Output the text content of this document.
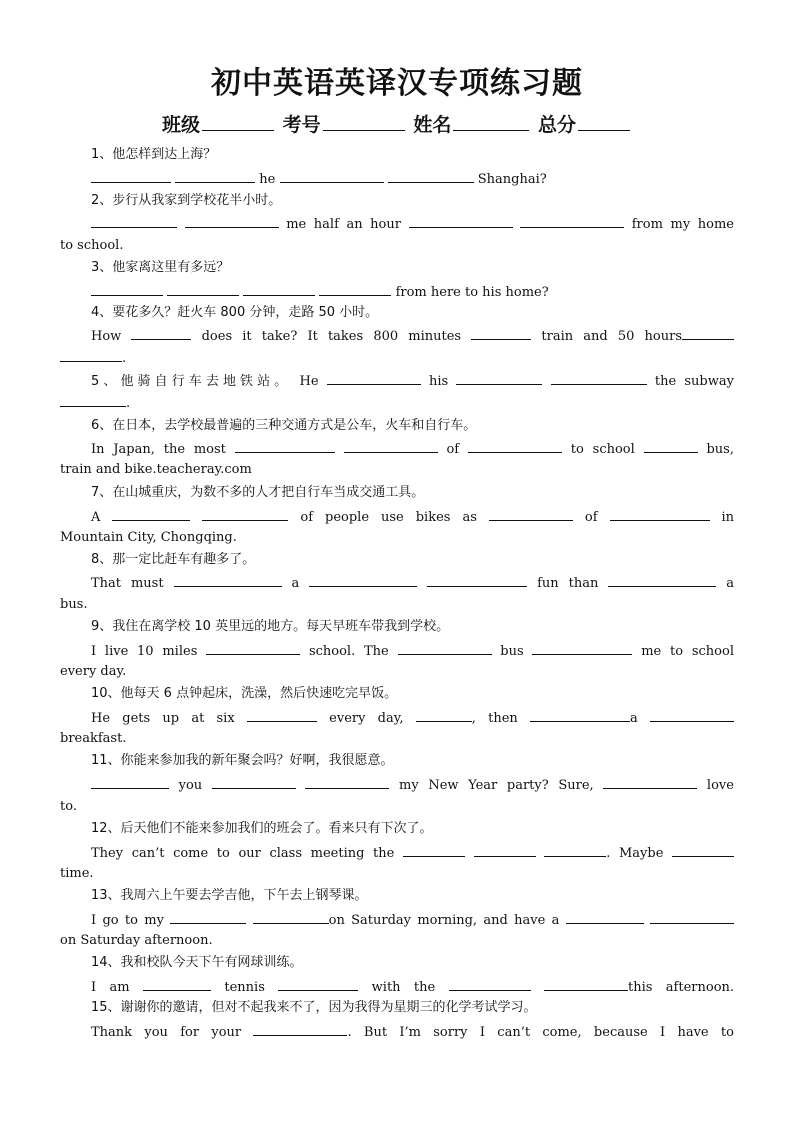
初中英语英译汉专项练习题
班级	考号	姓名	总分
1、他怎样到达上海？
he	Shanghai?
2、步行从我家到学校花半小时。
me half an hour	from my home
to school.
3、他家离这里有多远？
from here to his home?
4、要花多久？赶火车 800 分钟，走路 50 小时。
How	does it take? It takes 800 minutes	train and 50 hours
.
5、他骑自行车去地铁站。 He	his	the subway
.
6、在日本，去学校最普遍的三种交通方式是公车，火车和自行车。
In Japan, the most	of	to school	bus,
train and bike.teacheray.com
7、在山城重庆，为数不多的人才把自行车当成交通工具。
A	of people use bikes as	of	in
Mountain City, Chongqing.
8、那一定比赶车有趣多了。
That must	a	fun than	a
bus.
9、我住在离学校 10 英里远的地方。每天早班车带我到学校。
I live 10 miles	school. The	bus	me to school
every day.
10、他每天 6 点钟起床，洗澡，然后快速吃完早饭。
He gets up at six	every day,	, then	a
breakfast.
11、你能来参加我的新年聚会吗？好啊，我很愿意。
you	my New Year party? Sure,	love
to.
12、后天他们不能来参加我们的班会了。看来只有下次了。
They can’t come to our class meeting the	. Maybe
time.
13、我周六上午要去学吉他，下午去上钢琴课。
I go to my	on Saturday morning, and have a
on Saturday afternoon.
14、我和校队今天下午有网球训练。
I am	tennis	with the	this afternoon.
15、谢谢你的邀请，但对不起我来不了，因为我得为星期三的化学考试学习。
Thank you for your	. But I’m sorry I can’t come, because I have to
